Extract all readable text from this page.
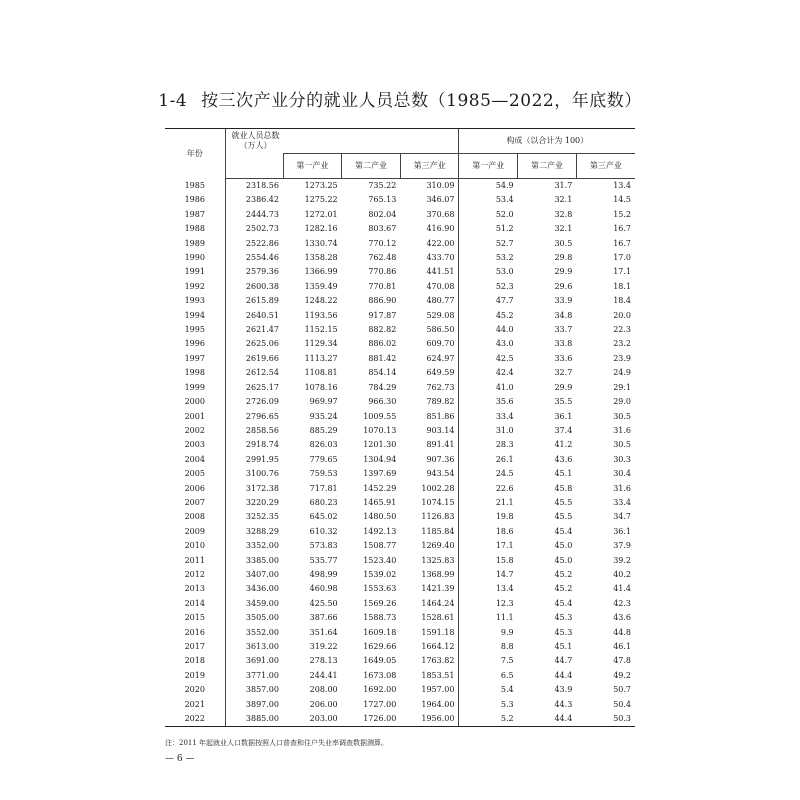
1-4 按三次产业分的就业人员总数（1985—2022，年底数）
年份	就业人员总数
（万人）				构成（以合计为 100）		
		第一产业	第二产业	第三产业	第一产业	第二产业	第三产业
1985	2318.56	1273.25	735.22	310.09	54.9	31.7	13.4
1986	2386.42	1275.22	765.13	346.07	53.4	32.1	14.5
1987	2444.73	1272.01	802.04	370.68	52.0	32.8	15.2
1988	2502.73	1282.16	803.67	416.90	51.2	32.1	16.7
1989	2522.86	1330.74	770.12	422.00	52.7	30.5	16.7
1990	2554.46	1358.28	762.48	433.70	53.2	29.8	17.0
1991	2579.36	1366.99	770.86	441.51	53.0	29.9	17.1
1992	2600.38	1359.49	770.81	470.08	52.3	29.6	18.1
1993	2615.89	1248.22	886.90	480.77	47.7	33.9	18.4
1994	2640.51	1193.56	917.87	529.08	45.2	34.8	20.0
1995	2621.47	1152.15	882.82	586.50	44.0	33.7	22.3
1996	2625.06	1129.34	886.02	609.70	43.0	33.8	23.2
1997	2619.66	1113.27	881.42	624.97	42.5	33.6	23.9
1998	2612.54	1108.81	854.14	649.59	42.4	32.7	24.9
1999	2625.17	1078.16	784.29	762.73	41.0	29.9	29.1
2000	2726.09	969.97	966.30	789.82	35.6	35.5	29.0
2001	2796.65	935.24	1009.55	851.86	33.4	36.1	30.5
2002	2858.56	885.29	1070.13	903.14	31.0	37.4	31.6
2003	2918.74	826.03	1201.30	891.41	28.3	41.2	30.5
2004	2991.95	779.65	1304.94	907.36	26.1	43.6	30.3
2005	3100.76	759.53	1397.69	943.54	24.5	45.1	30.4
2006	3172.38	717.81	1452.29	1002.28	22.6	45.8	31.6
2007	3220.29	680.23	1465.91	1074.15	21.1	45.5	33.4
2008	3252.35	645.02	1480.50	1126.83	19.8	45.5	34.7
2009	3288.29	610.32	1492.13	1185.84	18.6	45.4	36.1
2010	3352.00	573.83	1508.77	1269.40	17.1	45.0	37.9
2011	3385.00	535.77	1523.40	1325.83	15.8	45.0	39.2
2012	3407.00	498.99	1539.02	1368.99	14.7	45.2	40.2
2013	3436.00	460.98	1553.63	1421.39	13.4	45.2	41.4
2014	3459.00	425.50	1569.26	1464.24	12.3	45.4	42.3
2015	3505.00	387.66	1588.73	1528.61	11.1	45.3	43.6
2016	3552.00	351.64	1609.18	1591.18	9.9	45.3	44.8
2017	3613.00	319.22	1629.66	1664.12	8.8	45.1	46.1
2018	3691.00	278.13	1649.05	1763.82	7.5	44.7	47.8
2019	3771.00	244.41	1673.08	1853.51	6.5	44.4	49.2
2020	3857.00	208.00	1692.00	1957.00	5.4	43.9	50.7
2021	3897.00	206.00	1727.00	1964.00	5.3	44.3	50.4
2022	3885.00	203.00	1726.00	1956.00	5.2	44.4	50.3
注：2011 年起就业人口数据按照人口普查和住户失业率调查数据测算。
— 6 —
